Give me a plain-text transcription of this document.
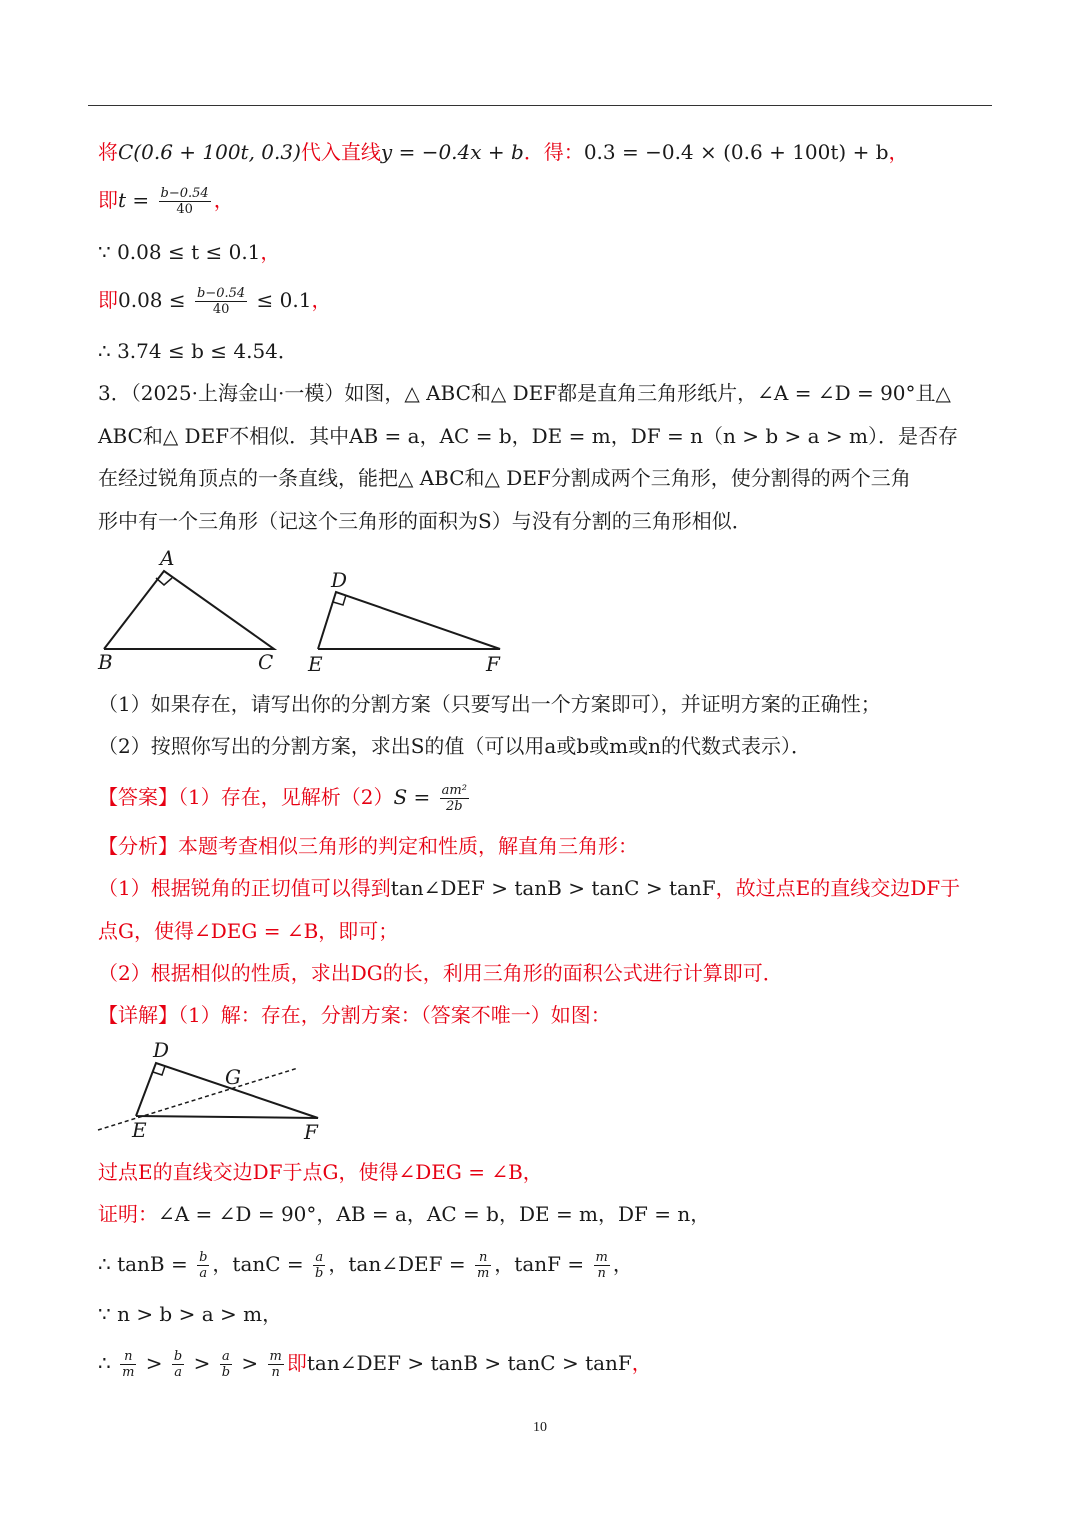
将C(0.6 + 100t, 0.3)代入直线y = −0.4x + b．得：0.3 = −0.4 × (0.6 + 100t) + b，
即$t = \frac{b-0.54}{40}$ ，
∵ 0.08 ≤ t ≤ 0.1，
即$0.08 \le \frac{b-0.54}{40} \le 0.1$，
∴ 3.74 ≤ b ≤ 4.54．
3．（2025·上海金山·一模）如图，△ ABC和△ DEF都是直角三角形纸片，∠A = ∠D = 90°且△
ABC和△ DEF不相似．其中AB = a，AC = b，DE = m，DF = n（n > b > a > m）．是否存
在经过锐角顶点的一条直线，能把△ ABC和△ DEF分割成两个三角形，使分割得的两个三角
形中有一个三角形（记这个三角形的面积为S）与没有分割的三角形相似．
A
B	C
D
E	F
（1）如果存在，请写出你的分割方案（只要写出一个方案即可），并证明方案的正确性；
（2）按照你写出的分割方案，求出S的值（可以用a或b或m或n的代数式表示）．
【答案】（1）存在，见解析$(2)S = \frac{\text{am²}}{2b}$
【分析】本题考查相似三角形的判定和性质，解直角三角形：
（1）根据锐角的正切值可以得到tan∠DEF > tanB > tanC > tanF，故过点E的直线交边DF于
点G，使得∠DEG = ∠B，即可；
（2）根据相似的性质，求出DG的长，利用三角形的面积公式进行计算即可．
【详解】（1）解：存在，分割方案：（答案不唯一）如图：
D
G
E	F
过点E的直线交边DF于点G，使得∠DEG = ∠B，
证明：∠A = ∠D = 90°，AB = a，AC = b，DE = m，DF = n，
∴ $\tan B = \frac{b}{a}$ ，$\tan C = \frac{a}{b}$ ，tan∠DEF = $\frac{n}{m}$ ，$\tan F = \frac{m}{n}$ ，
∵ n > b > a > m，
∴ $\frac{n}{m} > \frac{b}{a} > \frac{a}{b} > \frac{m}{n}$ 即tan∠DEF > tanB > tanC > tanF，
10
